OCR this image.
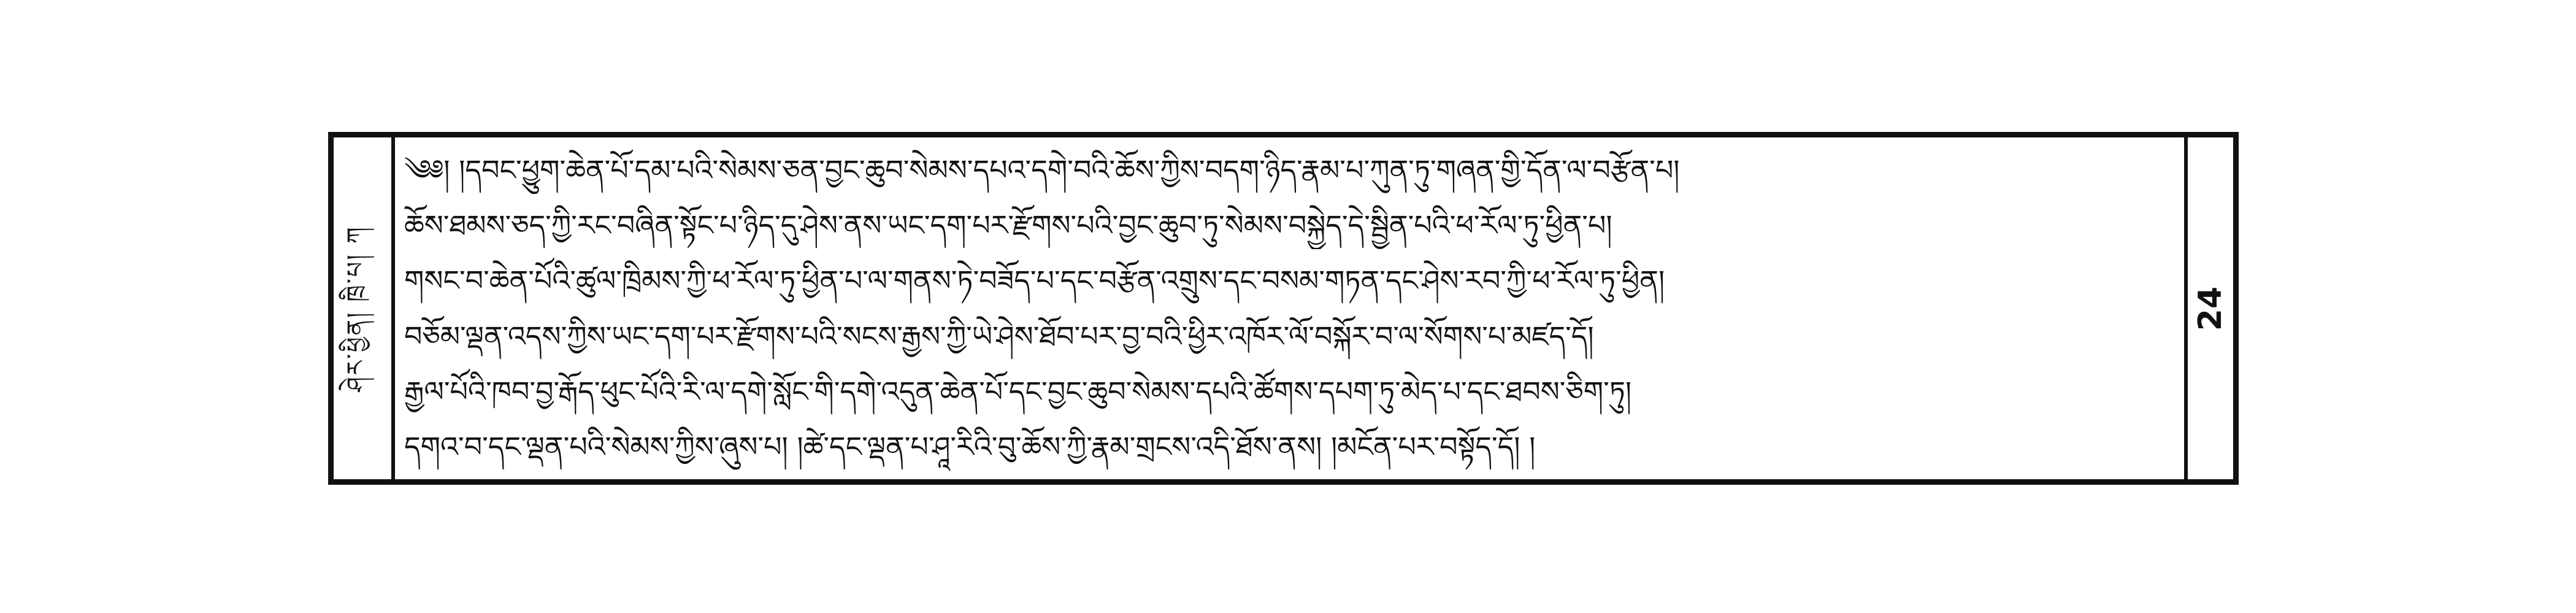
ཤེར་ཕྱིན། ཁྲི་པ། ཀ
༄༅། །དབང་ཕྱུག་ཆེན་པོ་དམ་པའི་སེམས་ཅན་བྱང་ཆུབ་སེམས་དཔའ་དགེ་བའི་ཆོས་ཀྱིས་བདག་ཉིད་རྣམ་པ་ཀུན་ཏུ་གཞན་གྱི་དོན་ལ་བརྩོན་པ།
ཆོས་ཐམས་ཅད་ཀྱི་རང་བཞིན་སྟོང་པ་ཉིད་དུ་ཤེས་ནས་ཡང་དག་པར་རྫོགས་པའི་བྱང་ཆུབ་ཏུ་སེམས་བསྐྱེད་དེ་སྦྱིན་པའི་ཕ་རོལ་ཏུ་ཕྱིན་པ།
གསང་བ་ཆེན་པོའི་ཚུལ་ཁྲིམས་ཀྱི་ཕ་རོལ་ཏུ་ཕྱིན་པ་ལ་གནས་ཏེ་བཟོད་པ་དང་བརྩོན་འགྲུས་དང་བསམ་གཏན་དང་ཤེས་རབ་ཀྱི་ཕ་རོལ་ཏུ་ཕྱིན།
བཅོམ་ལྡན་འདས་ཀྱིས་ཡང་དག་པར་རྫོགས་པའི་སངས་རྒྱས་ཀྱི་ཡེ་ཤེས་ཐོབ་པར་བྱ་བའི་ཕྱིར་འཁོར་ལོ་བསྐོར་བ་ལ་སོགས་པ་མཛད་དོ།
རྒྱལ་པོའི་ཁབ་བྱ་རྒོད་ཕུང་པོའི་རི་ལ་དགེ་སློང་གི་དགེ་འདུན་ཆེན་པོ་དང་བྱང་ཆུབ་སེམས་དཔའི་ཚོགས་དཔག་ཏུ་མེད་པ་དང་ཐབས་ཅིག་ཏུ།
དགའ་བ་དང་ལྡན་པའི་སེམས་ཀྱིས་ཞུས་པ། །ཚེ་དང་ལྡན་པ་ཤཱ་རིའི་བུ་ཆོས་ཀྱི་རྣམ་གྲངས་འདི་ཐོས་ནས། །མངོན་པར་བསྟོད་དོ། །
24
